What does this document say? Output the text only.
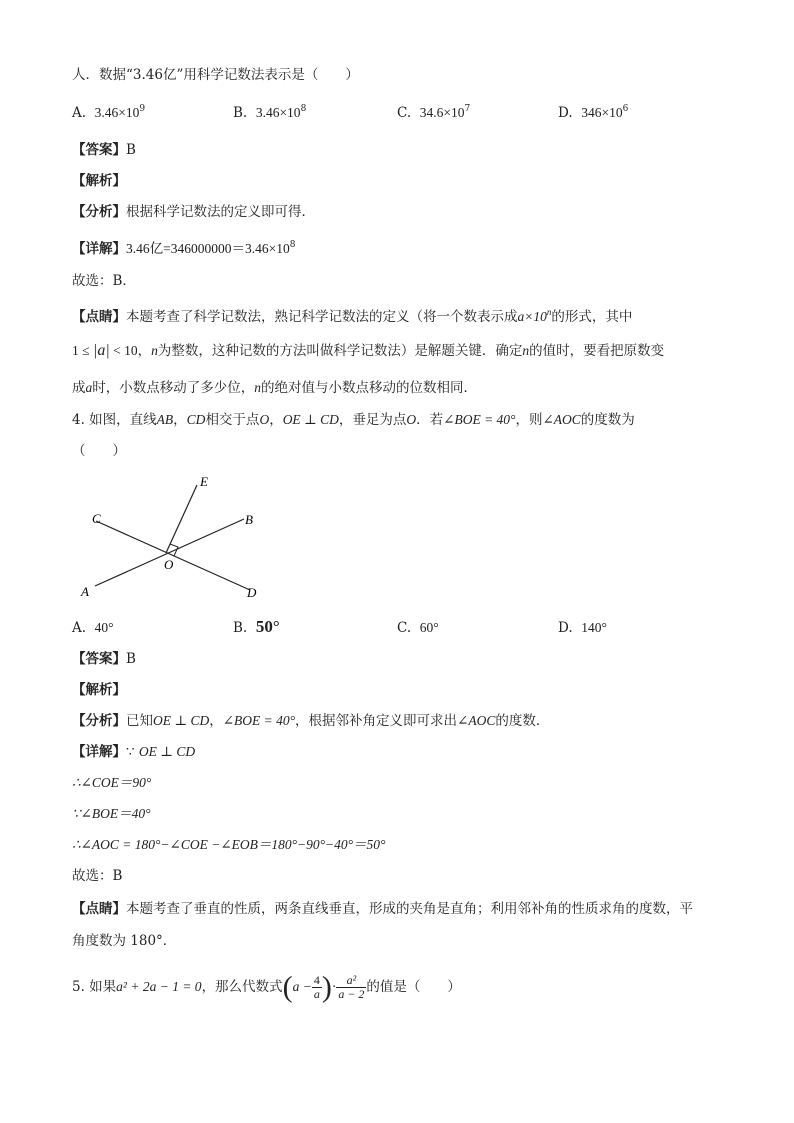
人．数据“3.46亿”用科学记数法表示是（　　）
A. $3.46\times 10^9$	B. $3.46\times 10^8$	C. $34.6\times 10^7$	D. $346\times 10^6$
【答案】B
【解析】
【分析】根据科学记数法的定义即可得．
【详解】3.46亿$=346000000=3.46\times 10^8$
故选：B．
【点睛】本题考查了科学记数法，熟记科学记数法的定义（将一个数表示成$a\times 10^n$的形式，其中
1 ≤ |a| < 10，n为整数，这种记数的方法叫做科学记数法）是解题关键．确定n的值时，要看把原数变
成a时，小数点移动了多少位，n的绝对值与小数点移动的位数相同．
4. 如图，直线AB，CD相交于点O，OE ⊥ CD，垂足为点O．若∠BOE = 40°，则∠AOC的度数为
（　　）
E
C	B
O
A	D
A. 40°	B. 50°	C. 60°	D. 140°
【答案】B
【解析】
【分析】已知OE ⊥ CD，∠BOE = 40°，根据邻补角定义即可求出∠AOC的度数．
【详解】∵ OE ⊥ CD
∴∠COE＝90°
∵∠BOE＝40°
∴∠AOC = 180°−∠COE −∠EOB＝180°−90°−40°＝50°
故选：B
【点睛】本题考查了垂直的性质，两条直线垂直，形成的夹角是直角；利用邻补角的性质求角的度数，平
角度数为 180°．
5. 如果a² + 2a − 1 = 0，那么代数式($a - \frac{4}{a}$ )· $\frac{\text{a²}}{a - 2}$ 的值是（　　）
